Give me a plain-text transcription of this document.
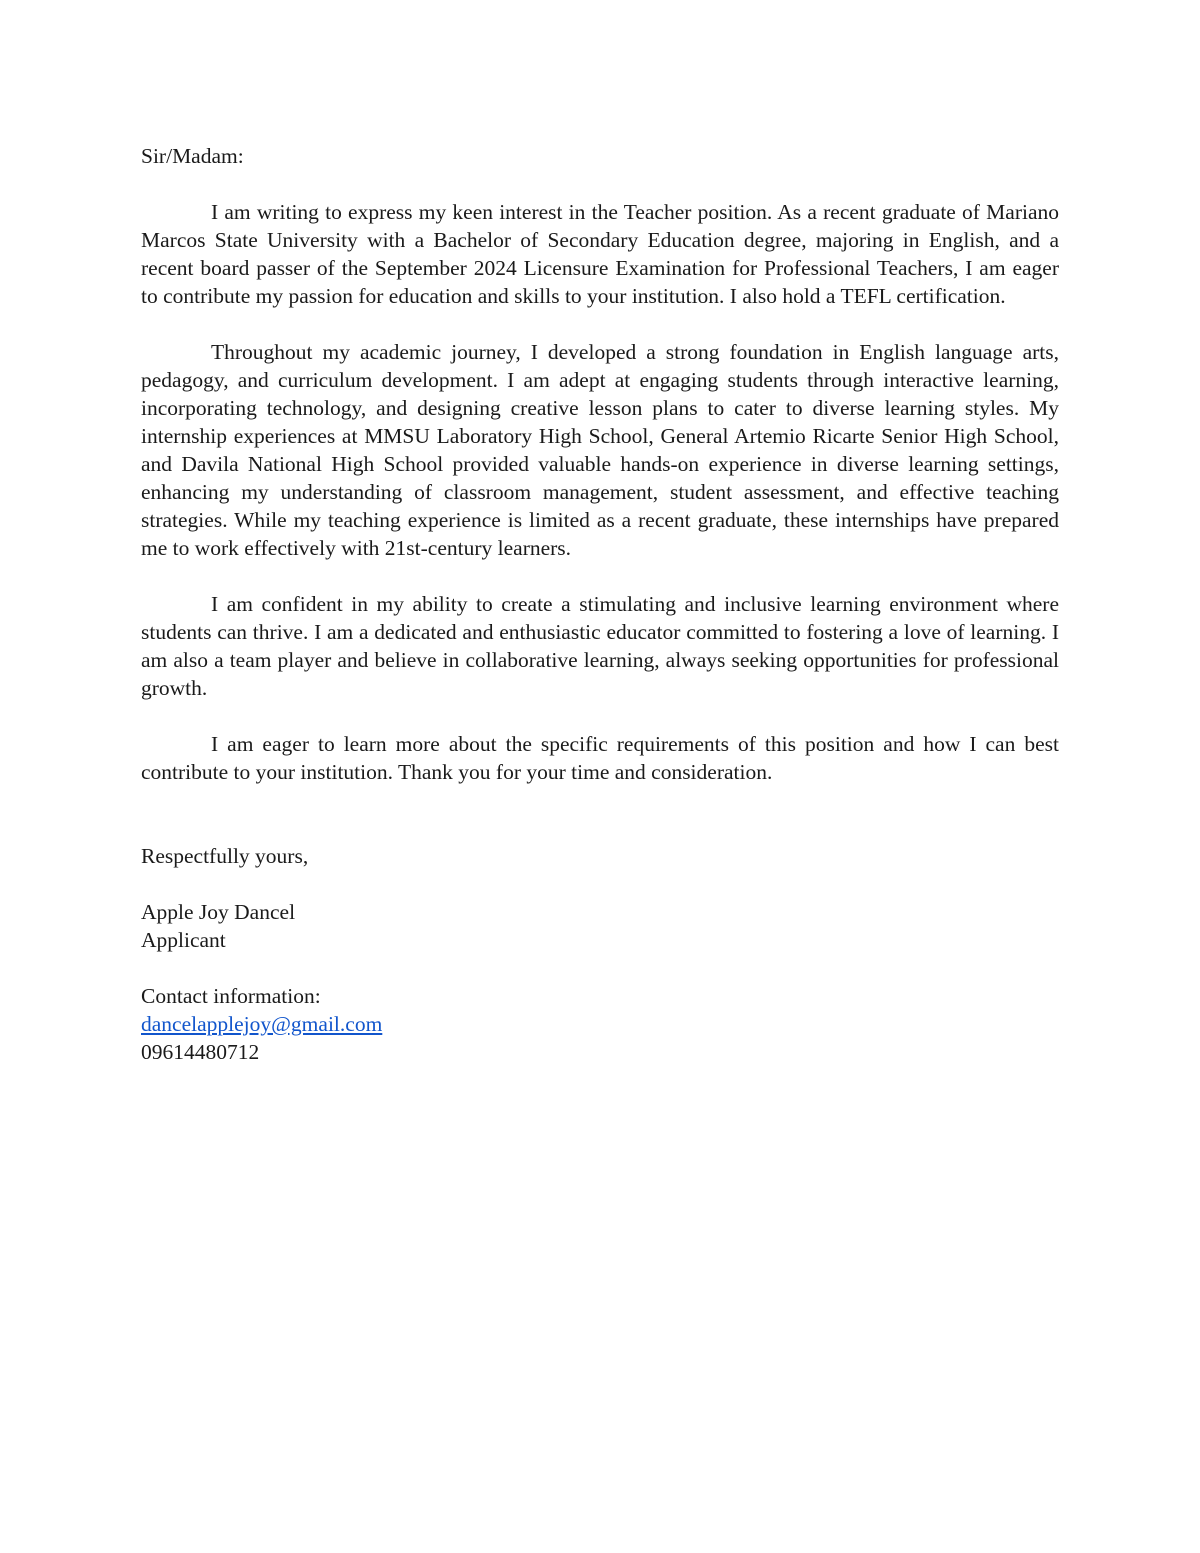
Sir/Madam:

I am writing to express my keen interest in the Teacher position. As a recent graduate of Mariano Marcos State University with a Bachelor of Secondary Education degree, majoring in English, and a recent board passer of the September 2024 Licensure Examination for Professional Teachers, I am eager to contribute my passion for education and skills to your institution. I also hold a TEFL certification.

Throughout my academic journey, I developed a strong foundation in English language arts, pedagogy, and curriculum development. I am adept at engaging students through interactive learning, incorporating technology, and designing creative lesson plans to cater to diverse learning styles. My internship experiences at MMSU Laboratory High School, General Artemio Ricarte Senior High School, and Davila National High School provided valuable hands-on experience in diverse learning settings, enhancing my understanding of classroom management, student assessment, and effective teaching strategies. While my teaching experience is limited as a recent graduate, these internships have prepared me to work effectively with 21st-century learners.

I am confident in my ability to create a stimulating and inclusive learning environment where students can thrive. I am a dedicated and enthusiastic educator committed to fostering a love of learning. I am also a team player and believe in collaborative learning, always seeking opportunities for professional growth.

I am eager to learn more about the specific requirements of this position and how I can best contribute to your institution. Thank you for your time and consideration.

Respectfully yours,

Apple Joy Dancel
Applicant
Contact information:
dancelapplejoy@gmail.com
09614480712
